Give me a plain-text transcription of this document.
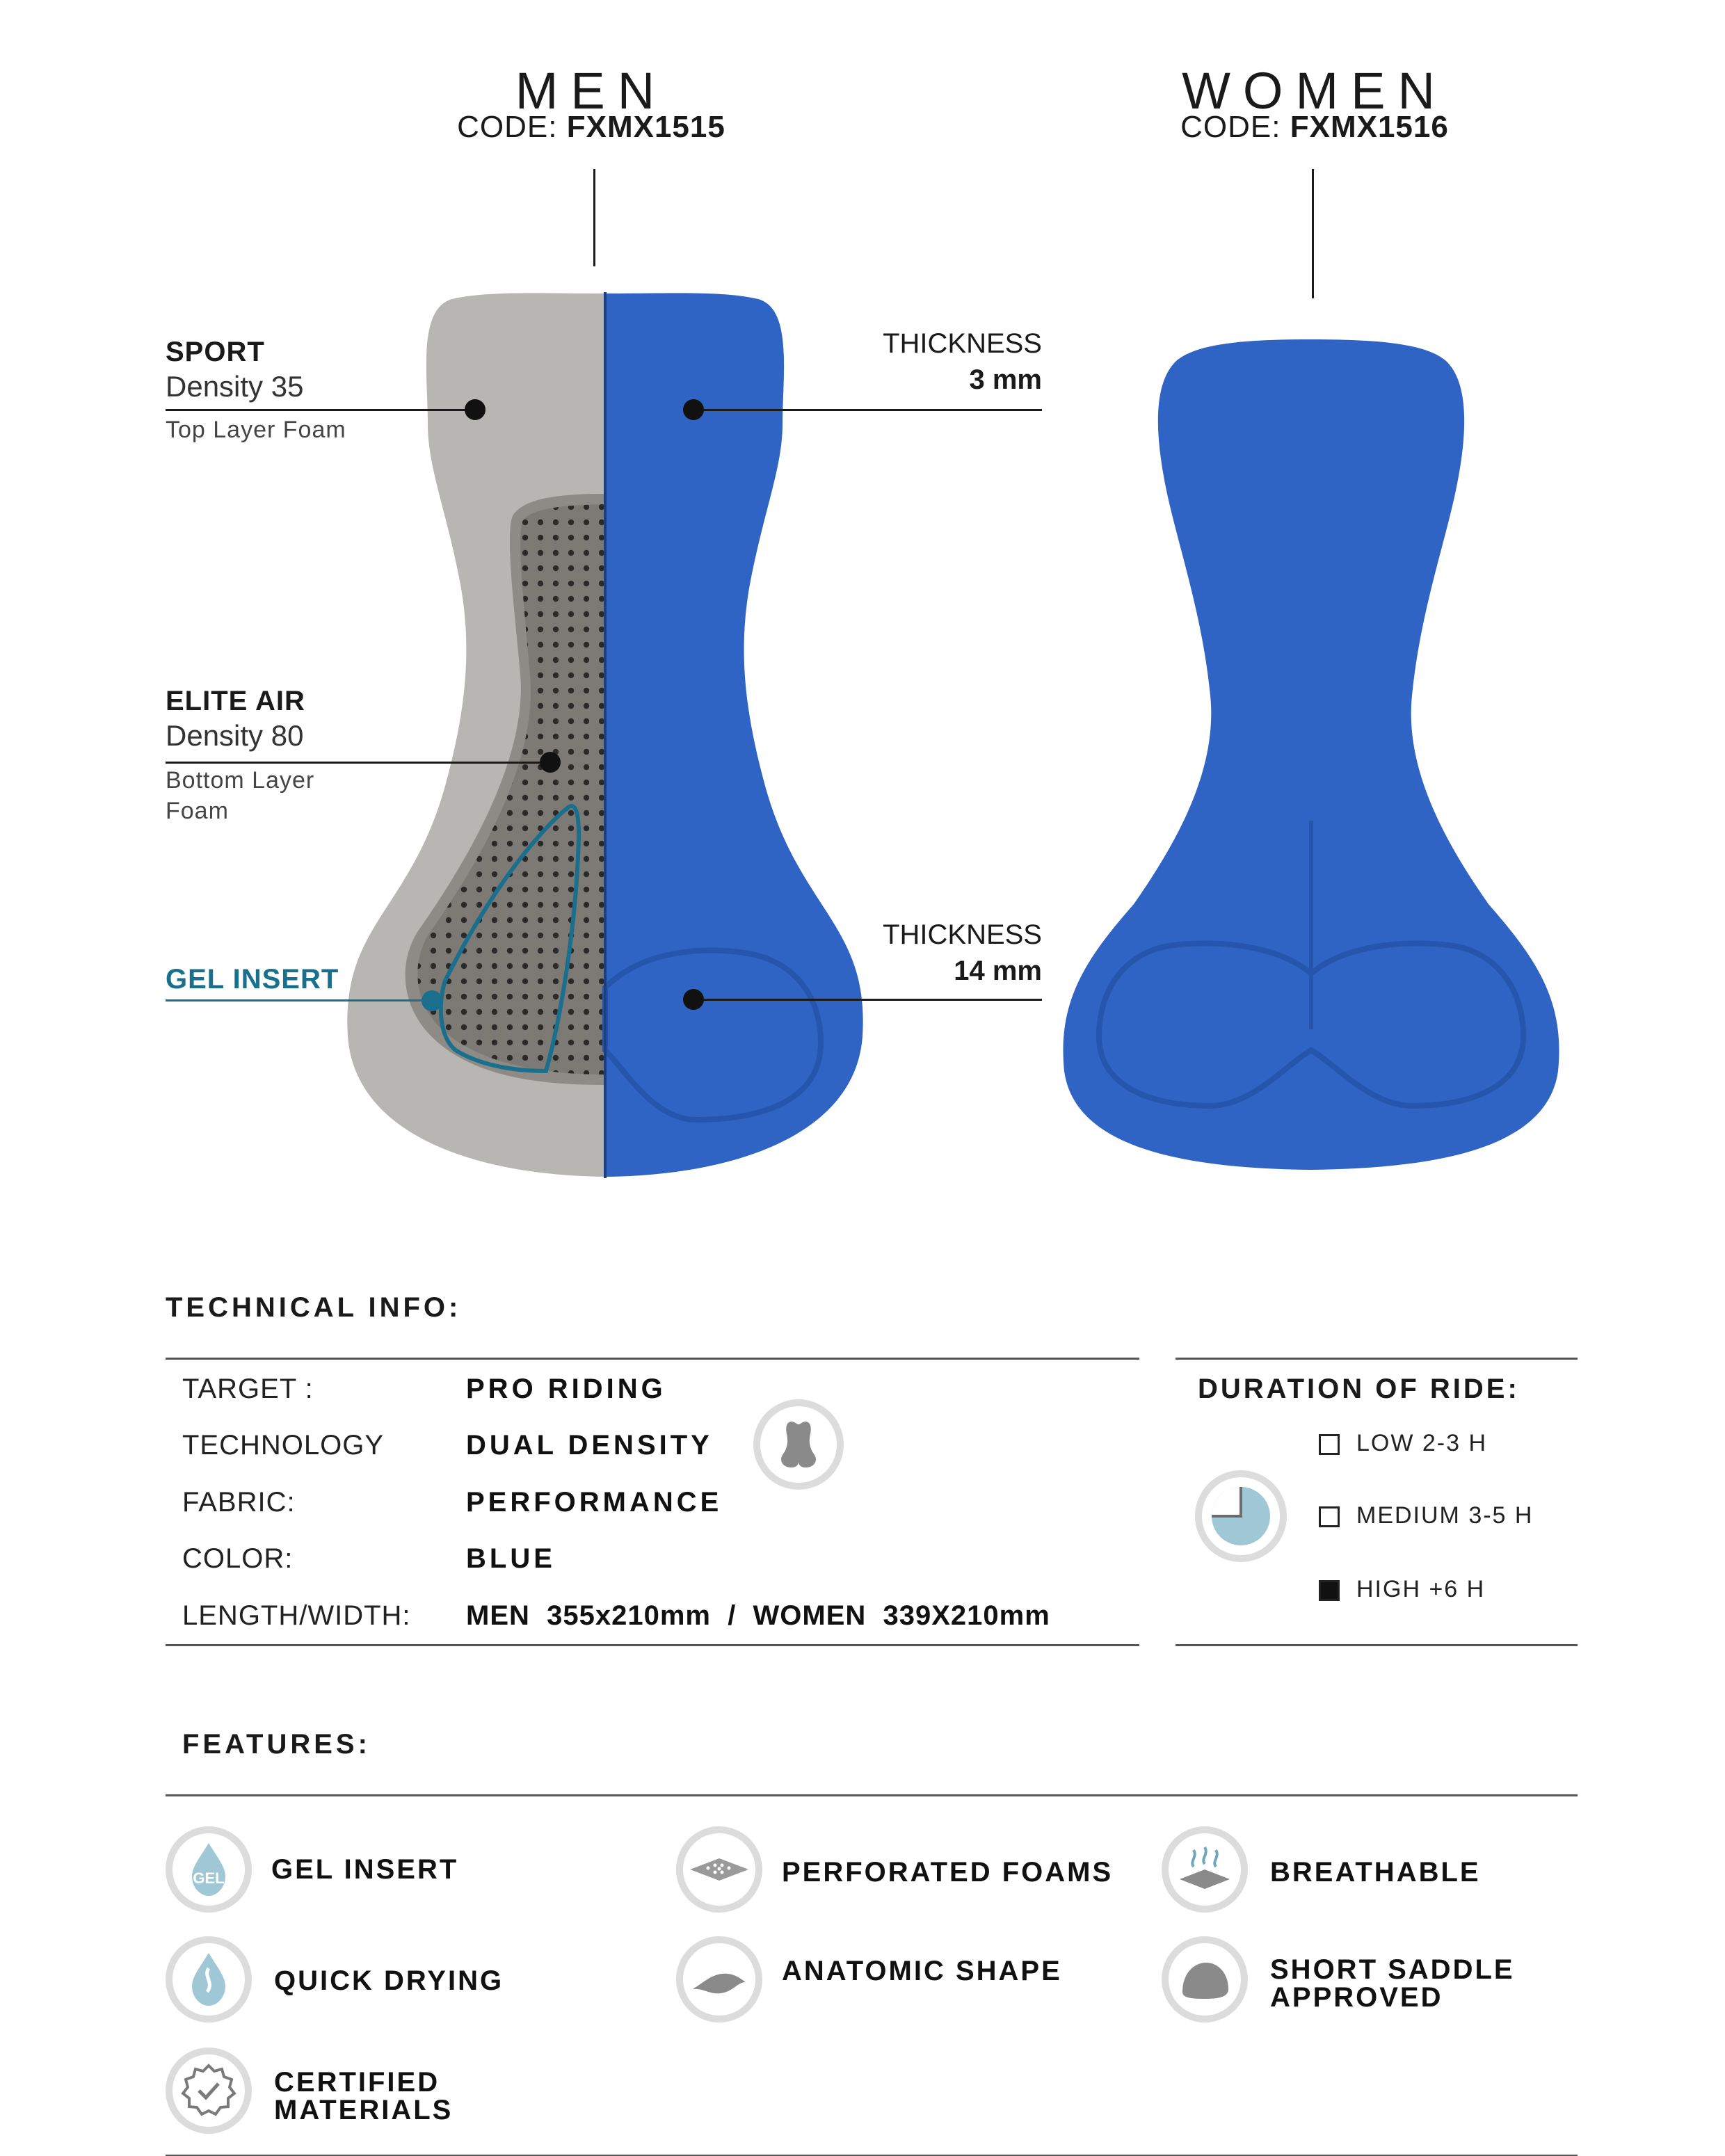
MEN
CODE: FXMX1515
WOMEN
CODE: FXMX1516
SPORT
Density 35
Top Layer Foam
ELITE AIR
Density 80
Bottom Layer
Foam
GEL INSERT
THICKNESS
3 mm
THICKNESS
14 mm
TECHNICAL INFO:
TARGET :	PRO RIDING
TECHNOLOGY	DUAL DENSITY
FABRIC:	PERFORMANCE
COLOR:	BLUE
LENGTH/WIDTH: MEN  355x210mm  /  WOMEN  339X210mm
DURATION OF RIDE:
LOW 2-3 H
MEDIUM 3-5 H
HIGH +6 H
FEATURES:
GEL GEL INSERT	PERFORATED FOAMS	BREATHABLE
QUICK DRYING	ANATOMIC SHAPE	SHORT SADDLE
APPROVED
CERTIFIED
MATERIALS
